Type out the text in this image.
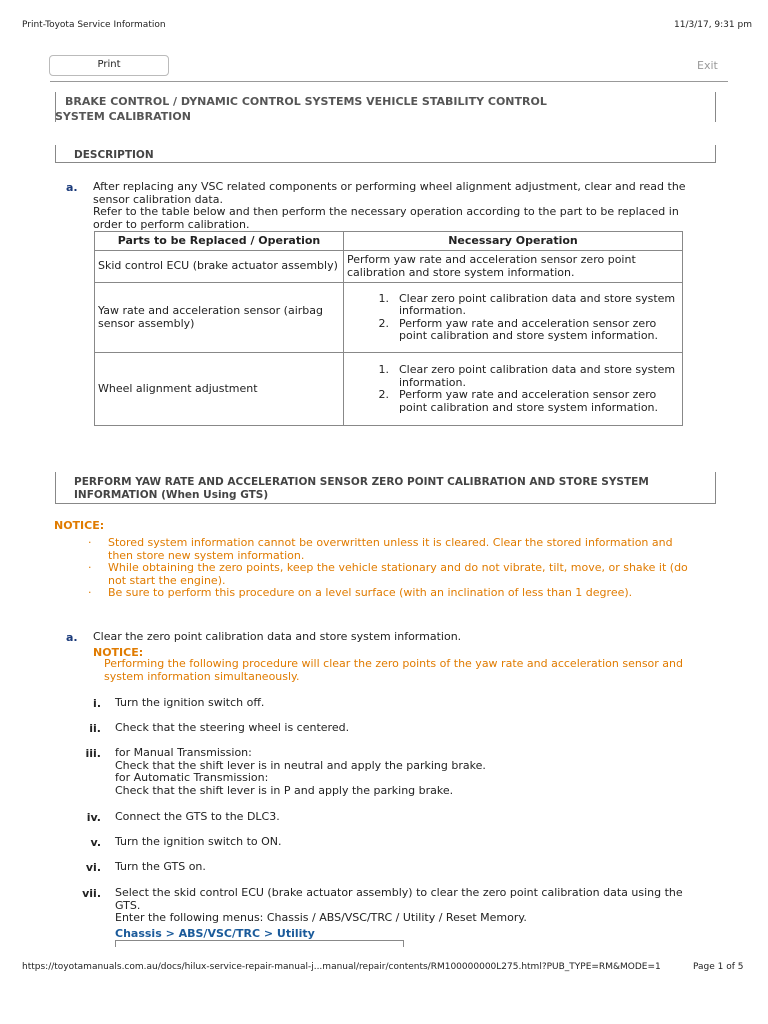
Print-Toyota Service Information	11/3/17, 9:31 pm
Print	Exit
BRAKE CONTROL / DYNAMIC CONTROL SYSTEMS VEHICLE STABILITY CONTROL
SYSTEM CALIBRATION
DESCRIPTION
a. After replacing any VSC related components or performing wheel alignment adjustment, clear and read the
sensor calibration data.
Refer to the table below and then perform the necessary operation according to the part to be replaced in
order to perform calibration.
Parts to be Replaced / Operation	Necessary Operation
Skid control ECU (brake actuator assembly)	Perform yaw rate and acceleration sensor zero point calibration and store system information.
Yaw rate and acceleration sensor (airbag sensor assembly)	1. Clear zero point calibration data and store system information.
2. Perform yaw rate and acceleration sensor zero point calibration and store system information.

Wheel alignment adjustment	1. Clear zero point calibration data and store system information.
2. Perform yaw rate and acceleration sensor zero point calibration and store system information.
PERFORM YAW RATE AND ACCELERATION SENSOR ZERO POINT CALIBRATION AND STORE SYSTEM
INFORMATION (When Using GTS)
NOTICE:
·	Stored system information cannot be overwritten unless it is cleared. Clear the stored information and
then store new system information.
·	While obtaining the zero points, keep the vehicle stationary and do not vibrate, tilt, move, or shake it (do
not start the engine).
·	Be sure to perform this procedure on a level surface (with an inclination of less than 1 degree).
a. Clear the zero point calibration data and store system information.
NOTICE:
Performing the following procedure will clear the zero points of the yaw rate and acceleration sensor and
system information simultaneously.
i. Turn the ignition switch off.
ii. Check that the steering wheel is centered.
iii. for Manual Transmission:
Check that the shift lever is in neutral and apply the parking brake.
for Automatic Transmission:
Check that the shift lever is in P and apply the parking brake.
iv. Connect the GTS to the DLC3.
v. Turn the ignition switch to ON.
vi. Turn the GTS on.
vii. Select the skid control ECU (brake actuator assembly) to clear the zero point calibration data using the
GTS.
Enter the following menus: Chassis / ABS/VSC/TRC / Utility / Reset Memory.
Chassis > ABS/VSC/TRC > Utility
https://toyotamanuals.com.au/docs/hilux-service-repair-manual-j...manual/repair/contents/RM100000000L275.html?PUB_TYPE=RM&MODE=1	Page 1 of 5
